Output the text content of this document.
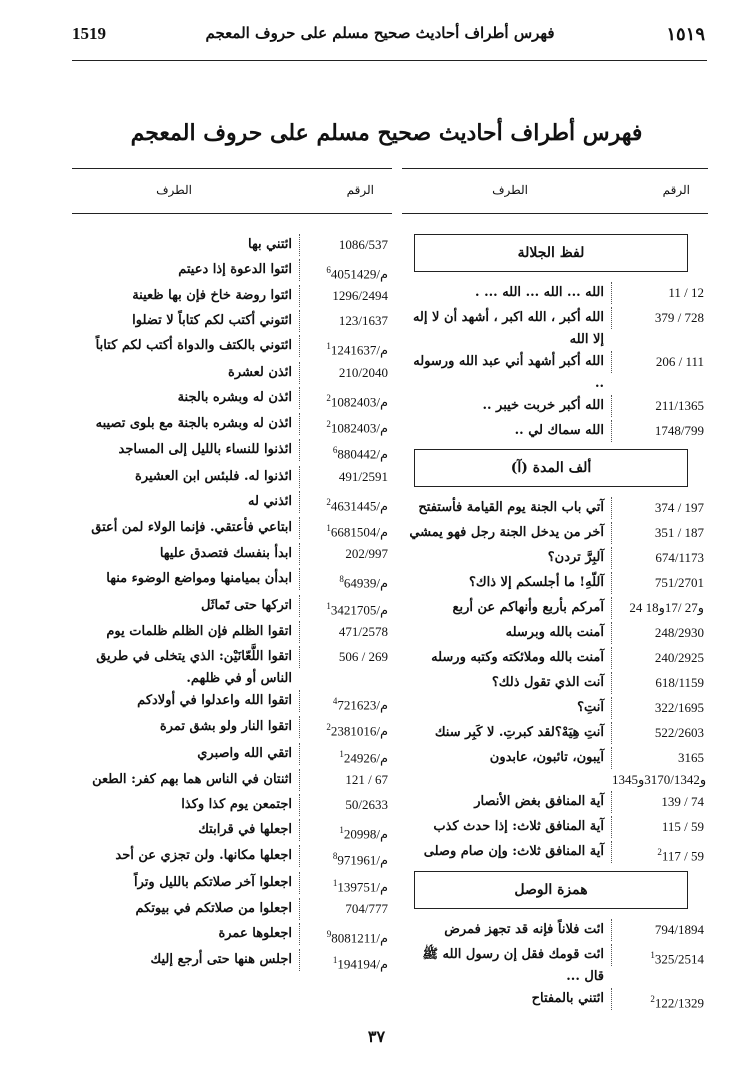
1519	فهرس أطراف أحاديث صحيح مسلم على حروف المعجم	١٥١٩
فهرس أطراف أحاديث صحيح مسلم على حروف المعجم
الرقم
الطرف
لفظ الجلالة
11 / 12
الله ... الله ... الله ... .
379 / 728
الله أكبر ، الله اكبر ، أشهد أن لا إله إلا الله
206 / 111
الله أكبر أشهد أني عبد الله ورسوله ..
211/1365
الله أكبر خربت خيبر ..
1748/799
الله سماك لي ..
ألف المدة (آ)
374 / 197
آتي باب الجنة يوم القيامة فأستفتح
351 / 187
آخر من يدخل الجنة رجل فهو يمشي
674/1173
آلبِرَّ تردن؟
751/2701
آللّهِ! ما أجلسكم إلا ذاك؟
24 و27 /17و18
آمركم بأربع وأنهاكم عن أربع
248/2930
آمنت بالله وبرسله
240/2925
آمنت بالله وملائكته وكتبه ورسله
618/1159
آنت الذي تقول ذلك؟
322/1695
آنتِ؟
522/2603
آنتِ هِيَهْ؟لقد كبرتِ. لا كَبِر سنك
3165 و3170/1342و1345
آيبون، تائبون، عابدون
139 / 74
آية المنافق بغض الأنصار
115 / 59
آية المنافق ثلاث: إذا حدث كذب
$^2$117 / 59
آية المنافق ثلاث: وإن صام وصلى
همزة الوصل
794/1894
ائت فلاناً فإنه قد تجهز فمرض
$^1$325/2514
ائت قومك فقل إن رسول الله ﷺ قال ...
$^2$122/1329
ائتني بالمفتاح
الرقم
الطرف
1086/537
ائتني بها
$^6$405م/1429
ائتوا الدعوة إذا دعيتم
1296/2494
ائتوا روضة خاخ فإن بها ظعينة
123/1637
ائتوني أكتب لكم كتاباً لا تضلوا
$^1$124م/1637
ائتوني بالكتف والدواة أكتب لكم كتاباً
210/2040
ائذن لعشرة
$^2$108م/2403
ائذن له وبشره بالجنة
$^2$108م/2403
ائذن له وبشره بالجنة مع بلوى تصيبه
$^6$880م/442
ائذنوا للنساء بالليل إلى المساجد
491/2591
ائذنوا له. فلبئس ابن العشيرة
$^2$463م/1445
ائذني له
$^1$668م/1504
ابتاعي فأعتقي. فإنما الولاء لمن أعتق
202/997
ابدأ بنفسك فتصدق عليها
$^8$64م/939
ابدأن بميامنها ومواضع الوضوء منها
$^1$342م/1705
اتركها حتى تَماثَل
471/2578
اتقوا الظلم فإن الظلم ظلمات يوم
506 / 269
اتقوا اللَّعّانَيْن: الذي يتخلى في طريق الناس أو في ظلهم.
$^4$72م/1623
اتقوا الله واعدلوا في أولادكم
$^2$238م/1016
اتقوا النار ولو بشق تمرة
$^1$24م/926
اتقي الله واصبري
121 / 67
اثنتان في الناس هما بهم كفر: الطعن
50/2633
اجتمعن يوم كذا وكذا
$^1$20م/998
اجعلها في قرابتك
$^8$97م/1961
اجعلها مكانها. ولن تجزي عن أحد
$^1$139م/751
اجعلوا آخر صلاتكم بالليل وتراً
704/777
اجعلوا من صلاتكم في بيوتكم
$^9$808م/1211
اجعلوها عمرة
$^1$194م/194
اجلس هنها حتى أرجع إليك
٣٧
